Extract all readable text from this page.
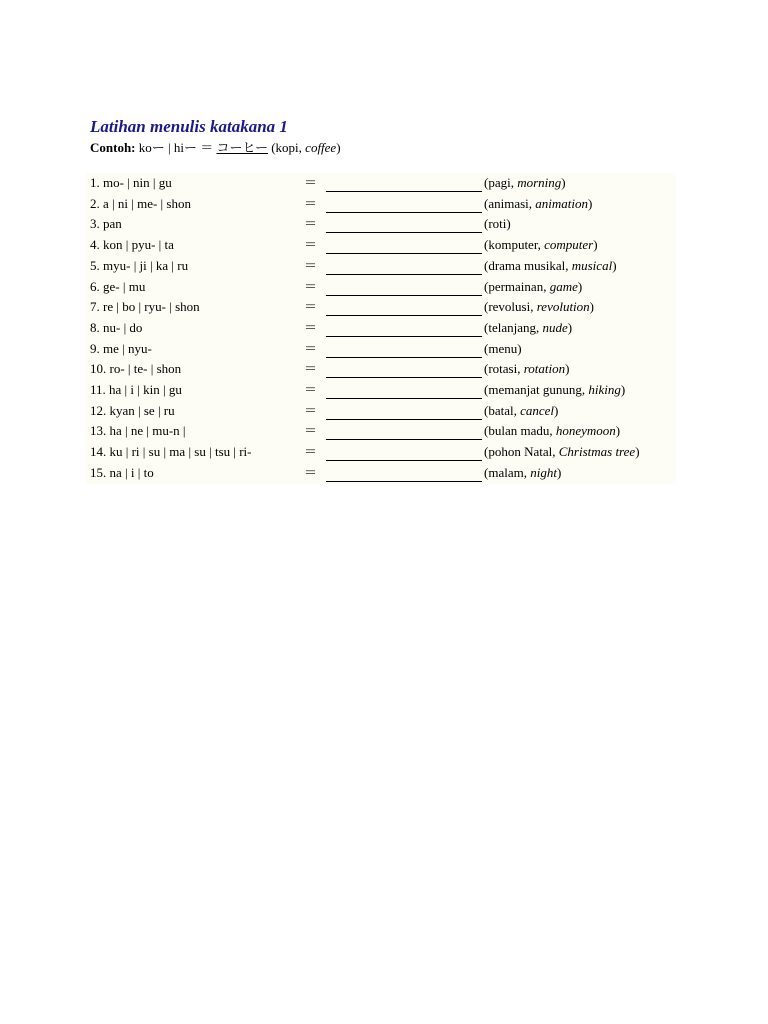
Latihan menulis katakana 1
Contoh: koー | hiー ＝ コーヒー (kopi, coffee)
1. mo- | nin | gu	＝	(pagi, morning)
2. a | ni | me- | shon	＝	(animasi, animation)
3. pan	＝	(roti)
4. kon | pyu- | ta	＝	(komputer, computer)
5. myu- | ji | ka | ru	＝	(drama musikal, musical)
6. ge- | mu	＝	(permainan, game)
7. re | bo | ryu- | shon	＝	(revolusi, revolution)
8. nu- | do	＝	(telanjang, nude)
9. me | nyu-	＝	(menu)
10. ro- | te- | shon	＝	(rotasi, rotation)
11. ha | i | kin | gu	＝	(memanjat gunung, hiking)
12. kyan | se | ru	＝	(batal, cancel)
13. ha | ne | mu-n |	＝	(bulan madu, honeymoon)
14. ku | ri | su | ma | su | tsu | ri-	＝	(pohon Natal, Christmas tree)
15. na | i | to	＝	(malam, night)
